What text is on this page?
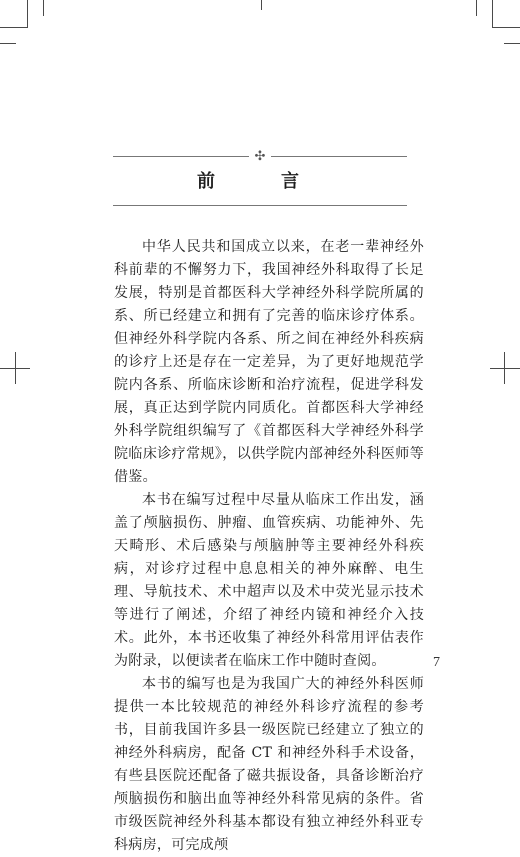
✣
前　言

中华人民共和国成立以来，在老一辈神经外科前辈的不懈努力下，我国神经外科取得了长足发展，特别是首都医科大学神经外科学院所属的系、所已经建立和拥有了完善的临床诊疗体系。但神经外科学院内各系、所之间在神经外科疾病的诊疗上还是存在一定差异，为了更好地规范学院内各系、所临床诊断和治疗流程，促进学科发展，真正达到学院内同质化。首都医科大学神经外科学院组织编写了《首都医科大学神经外科学院临床诊疗常规》，以供学院内部神经外科医师等借鉴。

本书在编写过程中尽量从临床工作出发，涵盖了颅脑损伤、肿瘤、血管疾病、功能神外、先天畸形、术后感染与颅脑肿等主要神经外科疾病，对诊疗过程中息息相关的神外麻醉、电生理、导航技术、术中超声以及术中荧光显示技术等进行了阐述，介绍了神经内镜和神经介入技术。此外，本书还收集了神经外科常用评估表作为附录，以便读者在临床工作中随时查阅。

本书的编写也是为我国广大的神经外科医师提供一本比较规范的神经外科诊疗流程的参考书，目前我国许多县一级医院已经建立了独立的神经外科病房，配备 CT 和神经外科手术设备，有些县医院还配备了磁共振设备，具备诊断治疗颅脑损伤和脑出血等神经外科常见病的条件。省市级医院神经外科基本都设有独立神经外科亚专科病房，可完成颅

7
